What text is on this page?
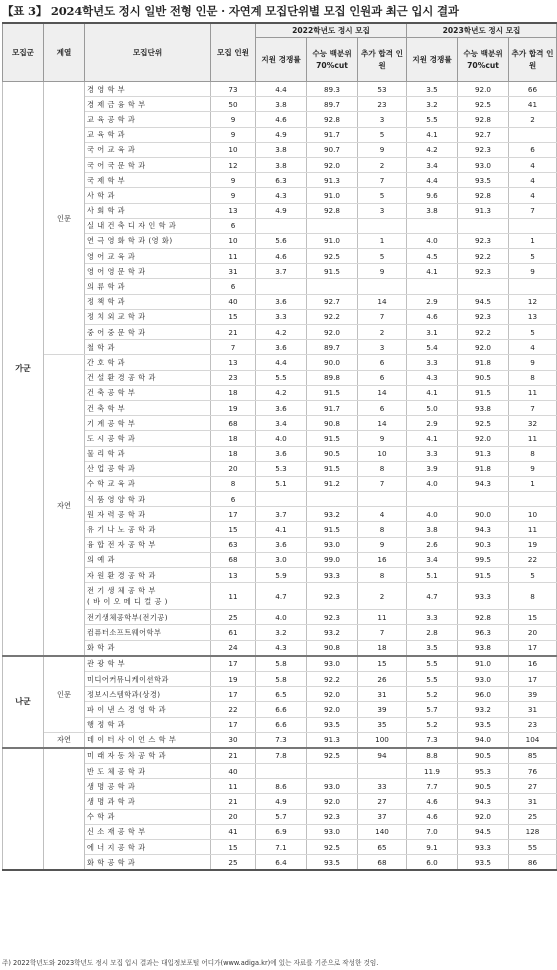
【표 3】 2024학년도 정시 일반 전형 인문 · 자연계 모집단위별 모집 인원과 최근 입시 결과
모집군	계열	모집단위	모집 인원	2022학년도 정시 모집			2023학년도 정시 모집		
				지원 경쟁률	수능 백분위 70%cut	추가 합격 인원	지원 경쟁률	수능 백분위 70%cut	추가 합격 인원
가군	인문	경 영 학 부	73	4.4	89.3	53	3.5	92.0	66
		경 제 금 융 학 부	50	3.8	89.7	23	3.2	92.5	41
		교 육 공 학 과	9	4.6	92.8	3	5.5	92.8	2
		교 육 학 과	9	4.9	91.7	5	4.1	92.7	
		국 어 교 육 과	10	3.8	90.7	9	4.2	92.3	6
		국 어 국 문 학 과	12	3.8	92.0	2	3.4	93.0	4
		국 제 학 부	9	6.3	91.3	7	4.4	93.5	4
		사 학 과	9	4.3	91.0	5	9.6	92.8	4
		사 회 학 과	13	4.9	92.8	3	3.8	91.3	7
		실 내 건 축 디 자 인 학 과	6						
		연 극 영 화 학 과 (영 화)	10	5.6	91.0	1	4.0	92.3	1
		영 어 교 육 과	11	4.6	92.5	5	4.5	92.2	5
		영 어 영 문 학 과	31	3.7	91.5	9	4.1	92.3	9
		의 류 학 과	6						
		정 책 학 과	40	3.6	92.7	14	2.9	94.5	12
		정 치 외 교 학 과	15	3.3	92.2	7	4.6	92.3	13
		중 어 중 문 학 과	21	4.2	92.0	2	3.1	92.2	5
		철 학 과	7	3.6	89.7	3	5.4	92.0	4
	자연	간 호 학 과	13	4.4	90.0	6	3.3	91.8	9
		건 설 환 경 공 학 과	23	5.5	89.8	6	4.3	90.5	8
		건 축 공 학 부	18	4.2	91.5	14	4.1	91.5	11
		건 축 학 부	19	3.6	91.7	6	5.0	93.8	7
		기 계 공 학 부	68	3.4	90.8	14	2.9	92.5	32
		도 시 공 학 과	18	4.0	91.5	9	4.1	92.0	11
		물 리 학 과	18	3.6	90.5	10	3.3	91.3	8
		산 업 공 학 과	20	5.3	91.5	8	3.9	91.8	9
		수 학 교 육 과	8	5.1	91.2	7	4.0	94.3	1
		식 품 영 양 학 과	6						
		원 자 력 공 학 과	17	3.7	93.2	4	4.0	90.0	10
		유 기 나 노 공 학 과	15	4.1	91.5	8	3.8	94.3	11
		융 합 전 자 공 학 부	63	3.6	93.0	9	2.6	90.3	19
		의 예 과	68	3.0	99.0	16	3.4	99.5	22
		자 원 환 경 공 학 과	13	5.9	93.3	8	5.1	91.5	5
		전 기 생 체 공 학 부
( 바 이 오 메 디 컬 공 )	11	4.7	92.3	2	4.7	93.3	8
		전기생체공학부(전기공)	25	4.0	92.3	11	3.3	92.8	15
		컴퓨터소프트웨어학부	61	3.2	93.2	7	2.8	96.3	20
		화 학 과	24	4.3	90.8	18	3.5	93.8	17
나군	인문	관 광 학 부	17	5.8	93.0	15	5.5	91.0	16
		미디어커뮤니케이션학과	19	5.8	92.2	26	5.5	93.0	17
		정보시스템학과(상경)	17	6.5	92.0	31	5.2	96.0	39
		파 이 낸 스 경 영 학 과	22	6.6	92.0	39	5.7	93.2	31
		행 정 학 과	17	6.6	93.5	35	5.2	93.5	23
	자연	데 이 터 사 이 언 스 학 부	30	7.3	91.3	100	7.3	94.0	104
		미 래 자 동 차 공 학 과	21	7.8	92.5	94	8.8	90.5	85
		반 도 체 공 학 과	40				11.9	95.3	76
		생 명 공 학 과	11	8.6	93.0	33	7.7	90.5	27
		생 명 과 학 과	21	4.9	92.0	27	4.6	94.3	31
		수 학 과	20	5.7	92.3	37	4.6	92.0	25
		신 소 재 공 학 부	41	6.9	93.0	140	7.0	94.5	128
		에 너 지 공 학 과	15	7.1	92.5	65	9.1	93.3	55
		화 학 공 학 과	25	6.4	93.5	68	6.0	93.5	86
주) 2022학년도와 2023학년도 정시 모집 입시 결과는 대입정보포털 어디가(www.adiga.kr)에 있는 자료를 기준으로 작성한 것임.
